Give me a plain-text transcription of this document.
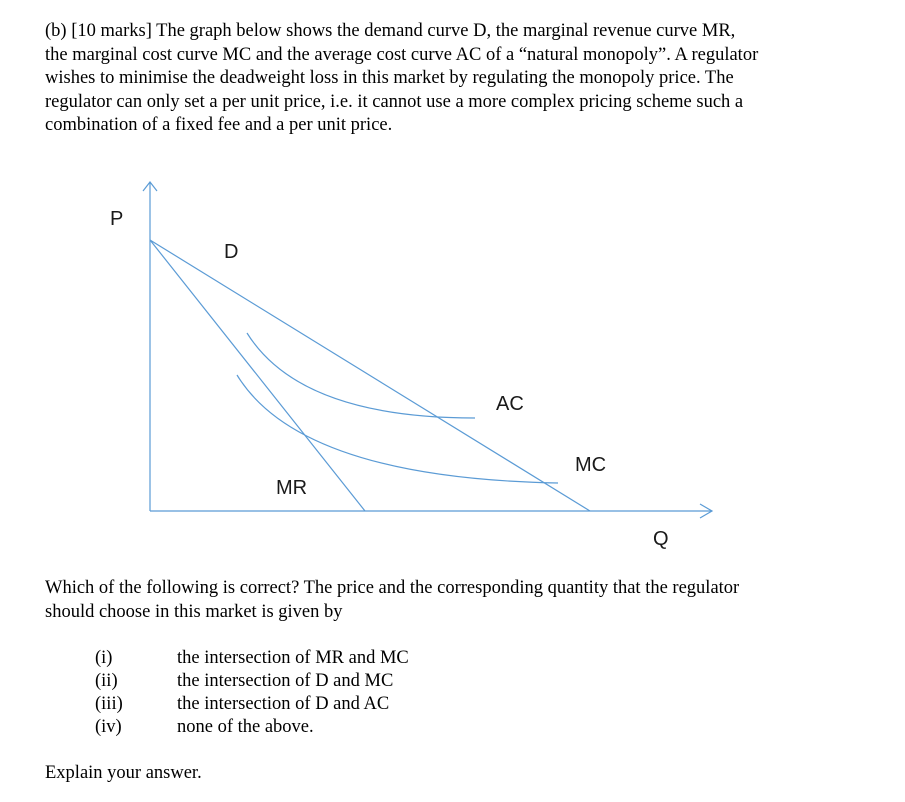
(b) [10 marks] The graph below shows the demand curve D, the marginal revenue curve MR,
the marginal cost curve MC and the average cost curve AC of a “natural monopoly”. A regulator
wishes to minimise the deadweight loss in this market by regulating the monopoly price. The
regulator can only set a per unit price, i.e. it cannot use a more complex pricing scheme such a
combination of a fixed fee and a per unit price.
P
Q
D
MR
AC
MC
Which of the following is correct? The price and the corresponding quantity that the regulator
should choose in this market is given by
(i)	the intersection of MR and MC
(ii)	the intersection of D and MC
(iii)	the intersection of D and AC
(iv)	none of the above.
Explain your answer.
